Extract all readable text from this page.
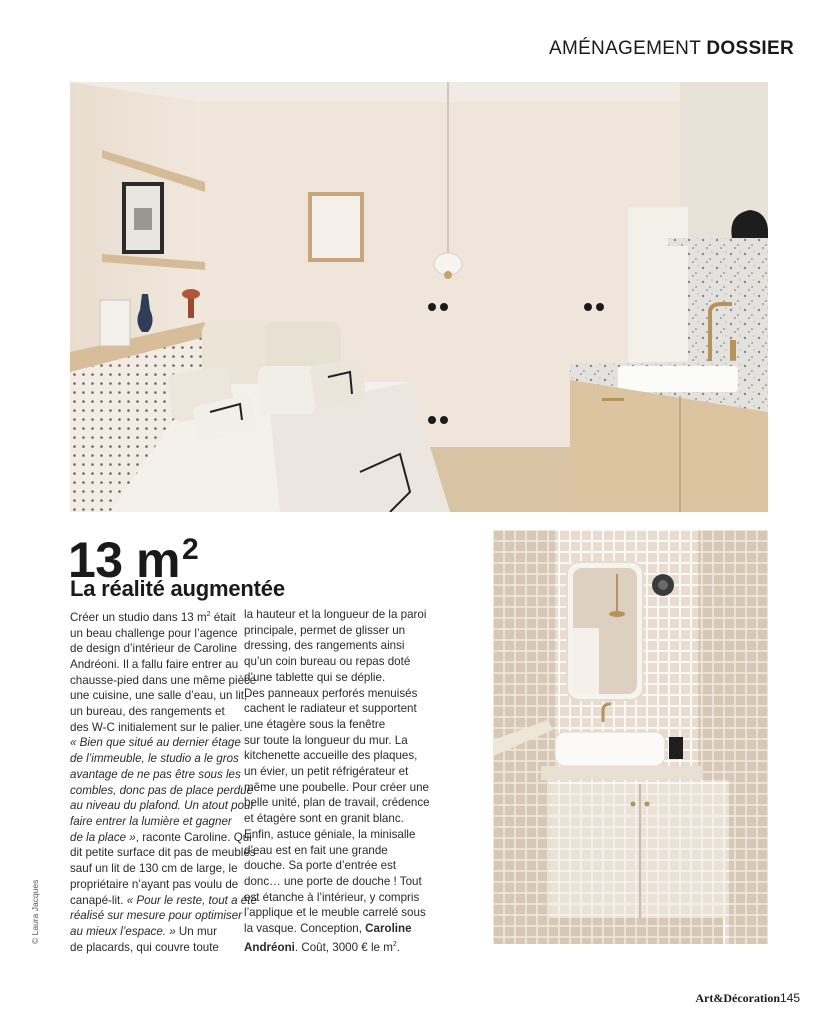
AMÉNAGEMENT DOSSIER
13 $m^2$
La réalité augmentée
Créer un studio dans 13 $m^2$ était
un beau challenge pour l’agence
de design d’intérieur de Caroline
Andréoni. Il a fallu faire entrer au
chausse-pied dans une même pièce
une cuisine, une salle d’eau, un lit,
un bureau, des rangements et
des W-C initialement sur le palier.
« Bien que situé au dernier étage
de l’immeuble, le studio a le gros
avantage de ne pas être sous les
combles, donc pas de place perdue
au niveau du plafond. Un atout pour
faire entrer la lumière et gagner
de la place », raconte Caroline. Qui
dit petite surface dit pas de meubles
sauf un lit de 130 cm de large, le
propriétaire n’ayant pas voulu de
canapé-lit. « Pour le reste, tout a été
réalisé sur mesure pour optimiser
au mieux l’espace. » Un mur
de placards, qui couvre toute
la hauteur et la longueur de la paroi
principale, permet de glisser un
dressing, des rangements ainsi
qu’un coin bureau ou repas doté
d’une tablette qui se déplie.
Des panneaux perforés menuisés
cachent le radiateur et supportent
une étagère sous la fenêtre
sur toute la longueur du mur. La
kitchenette accueille des plaques,
un évier, un petit réfrigérateur et
même une poubelle. Pour créer une
belle unité, plan de travail, crédence
et étagère sont en granit blanc.
Enfin, astuce géniale, la minisalle
d’eau est en fait une grande
douche. Sa porte d’entrée est
donc… une porte de douche ! Tout
est étanche à l’intérieur, y compris
l’applique et le meuble carrelé sous
la vasque. Conception, Caroline
Andréoni. Coût, 3000 € le $m^2$.
© Laura Jacques
Art&Décoration 145
